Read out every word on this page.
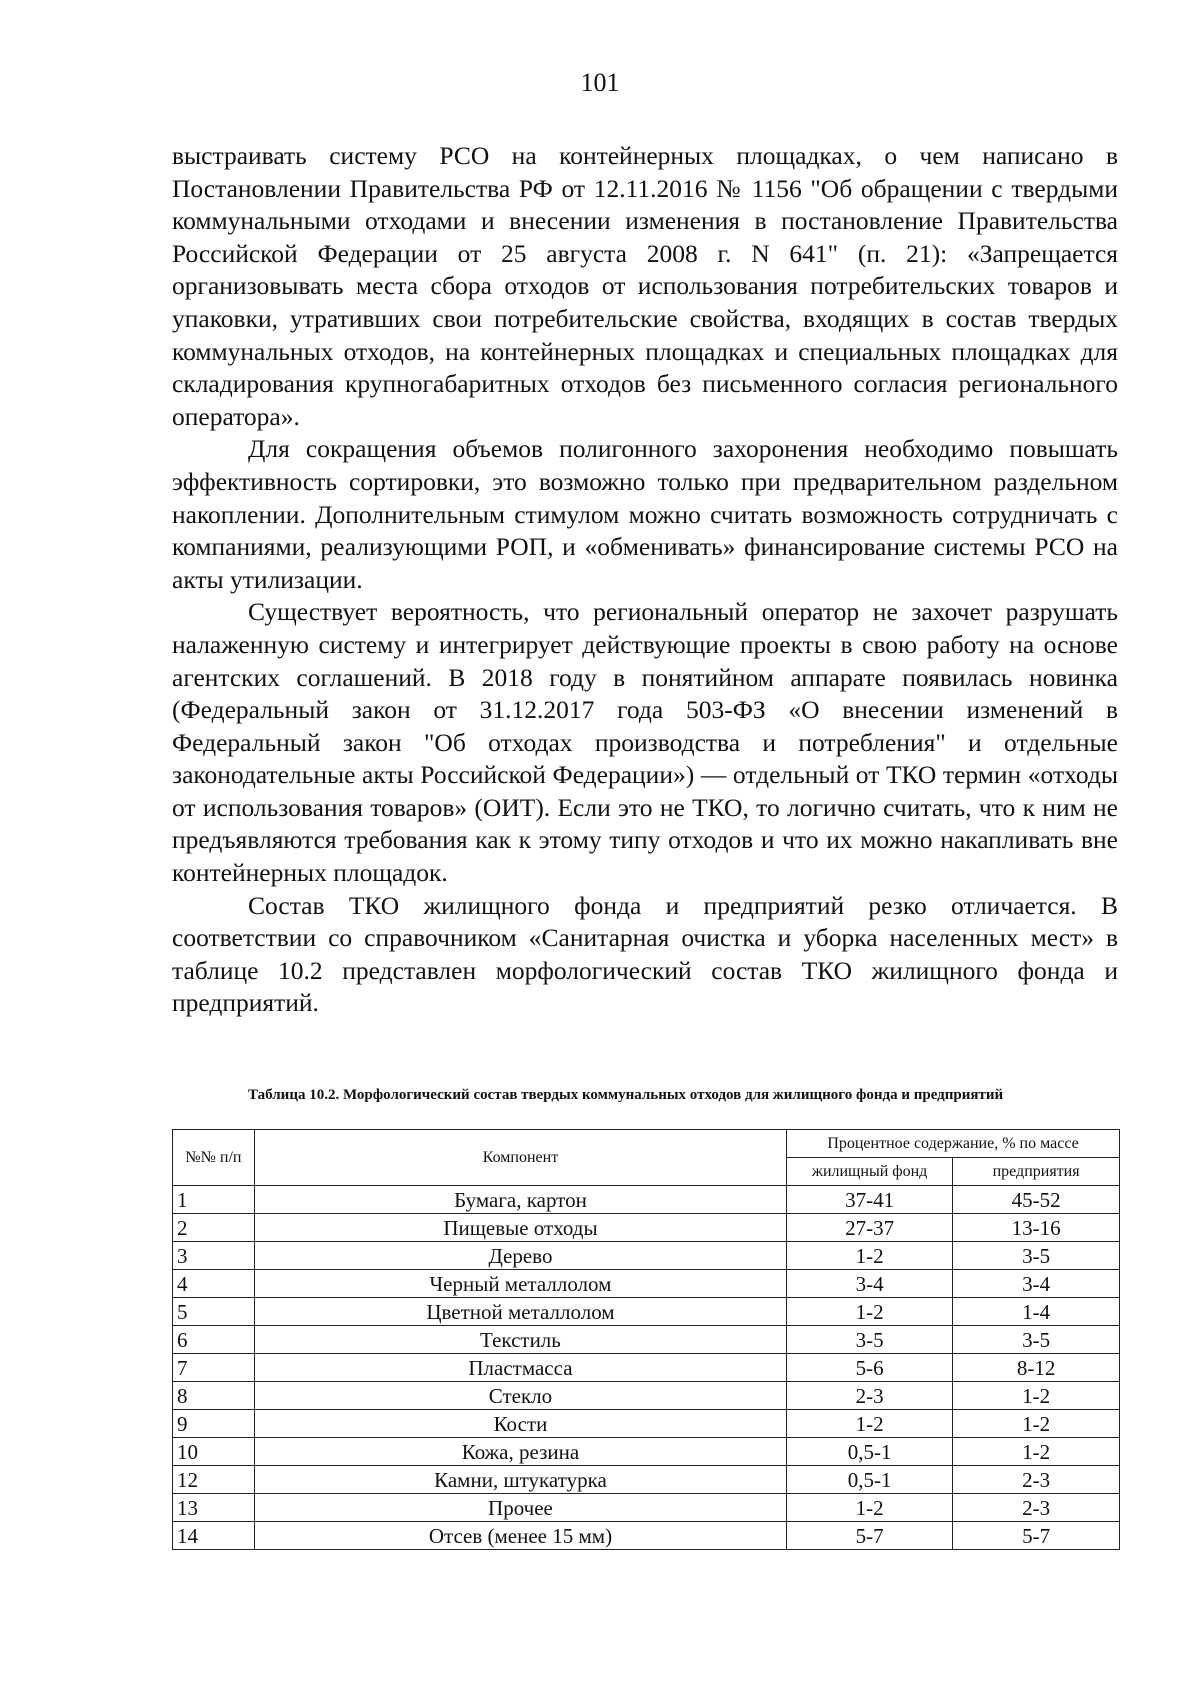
101

выстраивать систему РСО на контейнерных площадках, о чем написано в Постановлении Правительства РФ от 12.11.2016 № 1156 "Об обращении с твердыми коммунальными отходами и внесении изменения в постановление Правительства Российской Федерации от 25 августа 2008 г. N 641" (п. 21): «Запрещается организовывать места сбора отходов от использования потребительских товаров и упаковки, утративших свои потребительские свойства, входящих в состав твердых коммунальных отходов, на контейнерных площадках и специальных площадках для складирования крупногабаритных отходов без письменного согласия регионального оператора».

Для сокращения объемов полигонного захоронения необходимо повышать эффективность сортировки, это возможно только при предварительном раздельном накоплении. Дополнительным стимулом можно считать возможность сотрудничать с компаниями, реализующими РОП, и «обменивать» финансирование системы РСО на акты утилизации.

Существует вероятность, что региональный оператор не захочет разрушать налаженную систему и интегрирует действующие проекты в свою работу на основе агентских соглашений. В 2018 году в понятийном аппарате появилась новинка (Федеральный закон от 31.12.2017 года 503-ФЗ «О внесении изменений в Федеральный закон "Об отходах производства и потребления" и отдельные законодательные акты Российской Федерации») — отдельный от ТКО термин «отходы от использования товаров» (ОИТ). Если это не ТКО, то логично считать, что к ним не предъявляются требования как к этому типу отходов и что их можно накапливать вне контейнерных площадок.

Состав ТКО жилищного фонда и предприятий резко отличается. В соответствии со справочником «Санитарная очистка и уборка населенных мест» в таблице 10.2 представлен морфологический состав ТКО жилищного фонда и предприятий.

Таблица 10.2. Морфологический состав твердых коммунальных отходов для жилищного фонда и предприятий
№№ п/п	Компонент	Процентное содержание, % по массе	
		жилищный фонд	предприятия
1	Бумага, картон	37-41	45-52
2	Пищевые отходы	27-37	13-16
3	Дерево	1-2	3-5
4	Черный металлолом	3-4	3-4
5	Цветной металлолом	1-2	1-4
6	Текстиль	3-5	3-5
7	Пластмасса	5-6	8-12
8	Стекло	2-3	1-2
9	Кости	1-2	1-2
10	Кожа, резина	0,5-1	1-2
12	Камни, штукатурка	0,5-1	2-3
13	Прочее	1-2	2-3
14	Отсев (менее 15 мм)	5-7	5-7
